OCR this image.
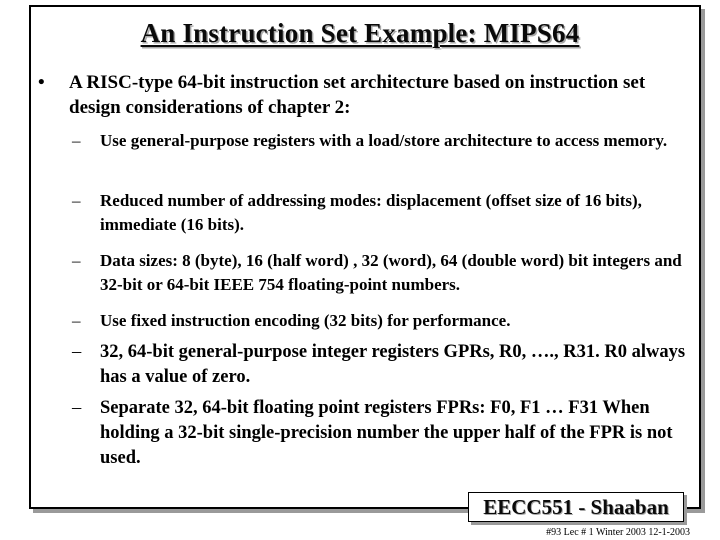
An Instruction Set Example: MIPS64
• A RISC-type 64-bit instruction set architecture based on instruction set design considerations of chapter 2:
– Use general-purpose registers with a load/store architecture to access memory.
– Reduced number of addressing modes: displacement (offset size of 16 bits), immediate (16 bits).
– Data sizes: 8 (byte), 16 (half word) , 32 (word), 64 (double word) bit integers and 32-bit or 64-bit IEEE 754 floating-point numbers.
– Use fixed instruction encoding (32 bits) for performance.
– 32, 64-bit general-purpose integer registers GPRs, R0, …., R31. R0 always has a value of zero.
– Separate 32, 64-bit floating point registers FPRs: F0, F1 … F31 When holding a 32-bit single-precision number the upper half of the FPR is not used.
EECC551 - Shaaban
#93 Lec # 1 Winter 2003 12-1-2003
